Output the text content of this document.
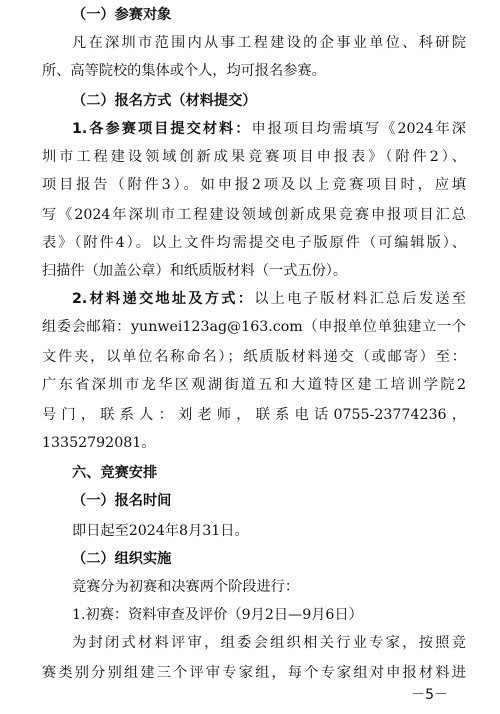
（一）参赛对象
凡在深圳市范围内从事工程建设的企事业单位、科研院
所、高等院校的集体或个人，均可报名参赛。
（二）报名方式（材料提交）
1.各参赛项目提交材料：申报项目均需填写《2024年深
圳市工程建设领域创新成果竞赛项目申报表》（附件2）、
项目报告（附件3）。如申报2项及以上竞赛项目时，应填
写《2024年深圳市工程建设领域创新成果竞赛申报项目汇总
表》（附件4）。以上文件均需提交电子版原件（可编辑版）、
扫描件（加盖公章）和纸质版材料（一式五份）。
2.材料递交地址及方式：以上电子版材料汇总后发送至
组委会邮箱：yunwei123ag@163.com（申报单位单独建立一个
文件夹，以单位名称命名）；纸质版材料递交（或邮寄）至：
广东省深圳市龙华区观湖街道五和大道特区建工培训学院2
号门，联系人：刘老师，联系电话0755-23774236，
13352792081。
六、竞赛安排
（一）报名时间
即日起至2024年8月31日。
（二）组织实施
竞赛分为初赛和决赛两个阶段进行：
1.初赛：资料审查及评价（9月2日—9月6日）
为封闭式材料评审，组委会组织相关行业专家，按照竞
赛类别分别组建三个评审专家组，每个专家组对申报材料进
－5－
